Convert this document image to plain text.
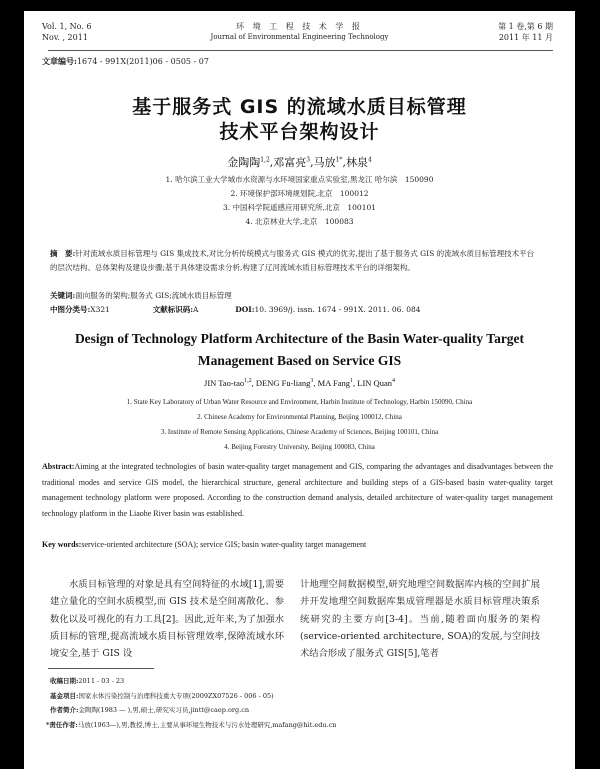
Vol. 1, No. 6
Nov. , 2011
环 境 工 程 技 术 学 报
Journal of Environmental Engineering Technology
第 1 卷,第 6 期
2011 年 11 月
文章编号:1674 - 991X(2011)06 - 0505 - 07
基于服务式 GIS 的流域水质目标管理
技术平台架构设计
金陶陶$^{1,2}$,邓富亮$^3$,马放$^{1*}$,林泉$^4$
1. 哈尔滨工业大学城市水资源与水环境国家重点实验室,黑龙江 哈尔滨　150090
2. 环境保护部环境规划院,北京　100012
3. 中国科学院遥感应用研究所,北京　100101
4. 北京林业大学,北京　100083
摘　要:针对流域水质目标管理与 GIS 集成技术,对比分析传统模式与服务式 GIS 模式的优劣,提出了基于服务式 GIS 的流域水质目标管理技术平台的层次结构、总体架构及建设步骤;基于具体建设需求分析,构建了辽河流域水质目标管理技术平台的详细架构。
关键词:面向服务的架构;服务式 GIS;流域水质目标管理
中图分类号:X321	文献标识码:A	DOI:10. 3969/j. issn. 1674 - 991X. 2011. 06. 084
Design of Technology Platform Architecture of the Basin Water-quality Target
Management Based on Service GIS
JIN Tao-tao$^{1,2}$, DENG Fu-liang$^3$, MA Fang$^1$, LIN Quan$^4$
1. State Key Laboratory of Urban Water Resource and Environment, Harbin Institute of Technology, Harbin 150090, China
2. Chinese Academy for Environmental Planning, Beijing 100012, China
3. Institute of Remote Sensing Applications, Chinese Academy of Sciences, Beijing 100101, China
4. Beijing Forestry University, Beijing 100083, China
Abstract:Aiming at the integrated technologies of basin water-quality target management and GIS, comparing the advantages and disadvantages between the traditional modes and service GIS model, the hierarchical structure, general architecture and building steps of a GIS-based basin water-quality target management technology platform were proposed. According to the construction demand analysis, detailed architecture of water-quality target management technology platform in the Liaohe River basin was established.
Key words:service-oriented architecture (SOA); service GIS; basin water-quality target management
　　水质目标管理的对象是具有空间特征的水域[1],需要建立量化的空间水质模型,而 GIS 技术是空间离散化、参数化以及可视化的有力工具[2]。因此,近年来,为了加强水质目标的管理,提高流域水质目标管理效率,保障流域水环境安全,基于 GIS 设
计地理空间数据模型,研究地理空间数据库内核的空间扩展并开发地理空间数据库集成管理器是水质目标管理决策系统研究的主要方向[3-4]。当前,随着面向服务的架构(service-oriented architecture, SOA)的发展,与空间技术结合形成了服务式 GIS[5],笔者
收稿日期:2011 - 03 - 23
基金项目:国家水体污染控制与治理科技重大专项(2009ZX07526 - 006 - 05)
作者简介:金陶陶(1983 — ),男,硕士,研究实习员,jintt@caep.org.cn
*责任作者:马放(1963—),男,教授,博士,主要从事环境生物技术与污水处理研究,mafang@hit.edu.cn
